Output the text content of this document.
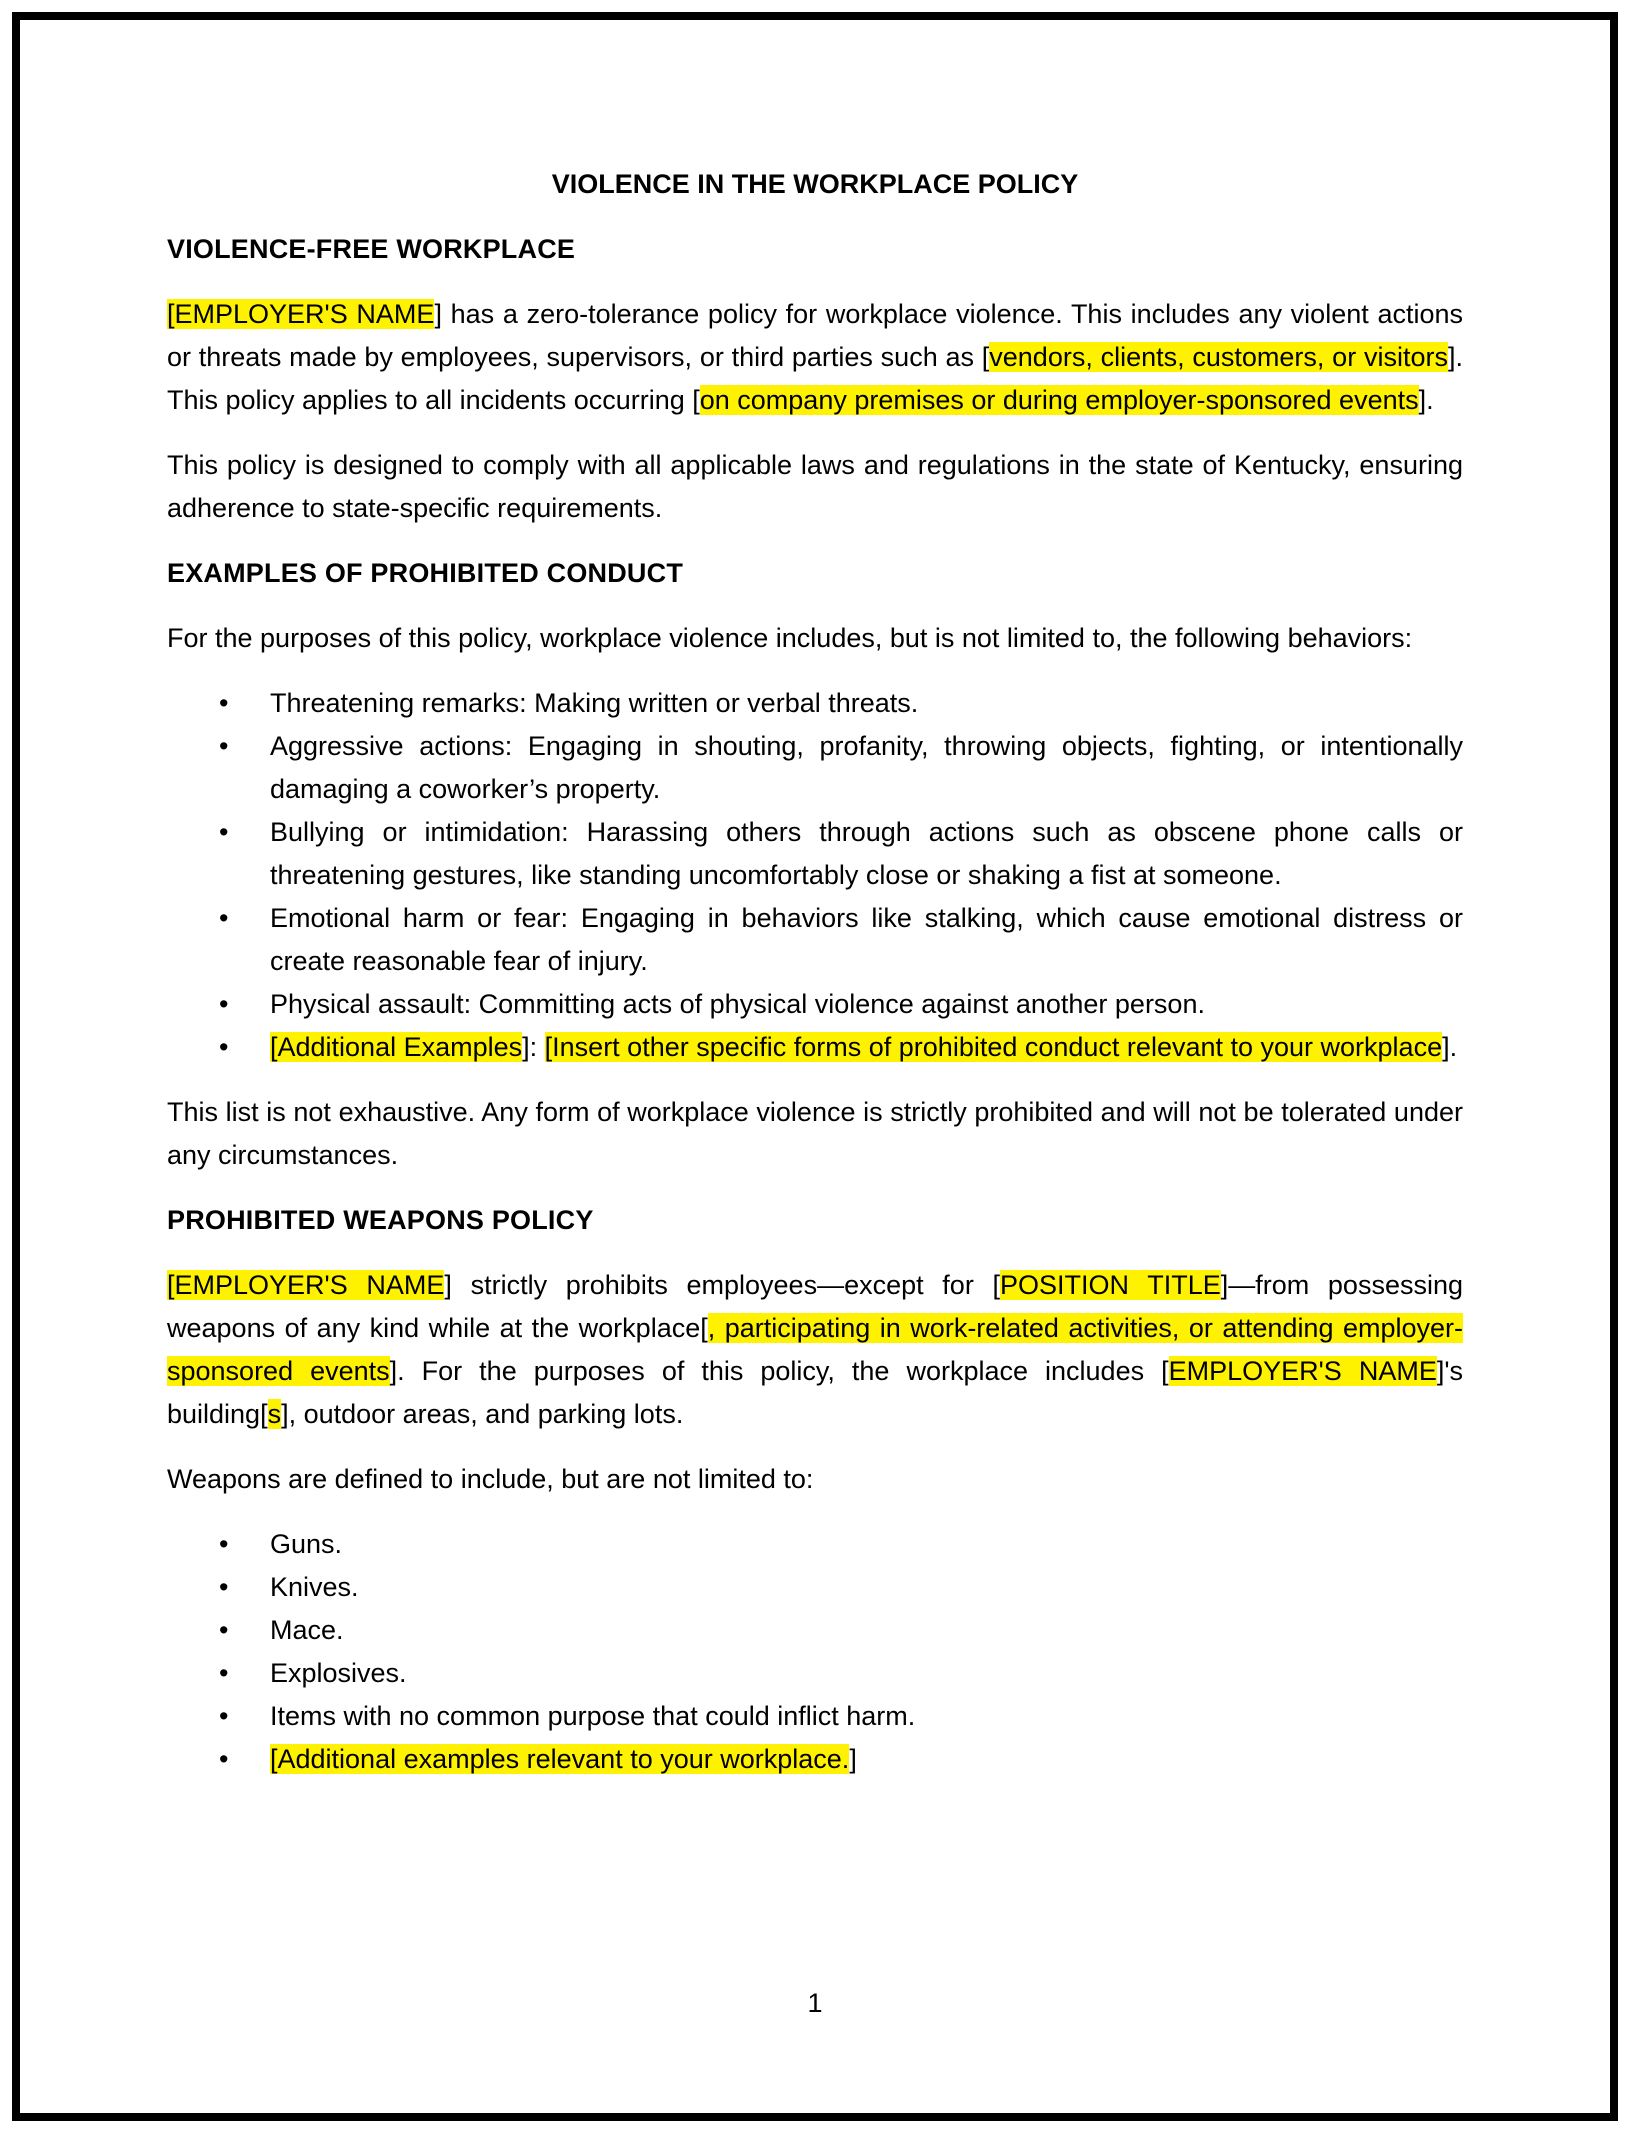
VIOLENCE IN THE WORKPLACE POLICY
VIOLENCE-FREE WORKPLACE

[EMPLOYER'S NAME] has a zero-tolerance policy for workplace violence. This includes any violent actions or threats made by employees, supervisors, or third parties such as [vendors, clients, customers, or visitors]. This policy applies to all incidents occurring [on company premises or during employer-sponsored events].

This policy is designed to comply with all applicable laws and regulations in the state of Kentucky, ensuring adherence to state-specific requirements.

EXAMPLES OF PROHIBITED CONDUCT

For the purposes of this policy, workplace violence includes, but is not limited to, the following behaviors:

• Threatening remarks: Making written or verbal threats.
• Aggressive actions: Engaging in shouting, profanity, throwing objects, fighting, or intentionally damaging a coworker’s property.
• Bullying or intimidation: Harassing others through actions such as obscene phone calls or threatening gestures, like standing uncomfortably close or shaking a fist at someone.
• Emotional harm or fear: Engaging in behaviors like stalking, which cause emotional distress or create reasonable fear of injury.
• Physical assault: Committing acts of physical violence against another person.
• [Additional Examples]: [Insert other specific forms of prohibited conduct relevant to your workplace].

This list is not exhaustive. Any form of workplace violence is strictly prohibited and will not be tolerated under any circumstances.

PROHIBITED WEAPONS POLICY

[EMPLOYER'S NAME] strictly prohibits employees—except for [POSITION TITLE]—from possessing weapons of any kind while at the workplace[, participating in work-related activities, or attending employer-sponsored events]. For the purposes of this policy, the workplace includes [EMPLOYER'S NAME]'s building[s], outdoor areas, and parking lots.

Weapons are defined to include, but are not limited to:

• Guns.
• Knives.
• Mace.
• Explosives.
• Items with no common purpose that could inflict harm.
• [Additional examples relevant to your workplace.]
1
